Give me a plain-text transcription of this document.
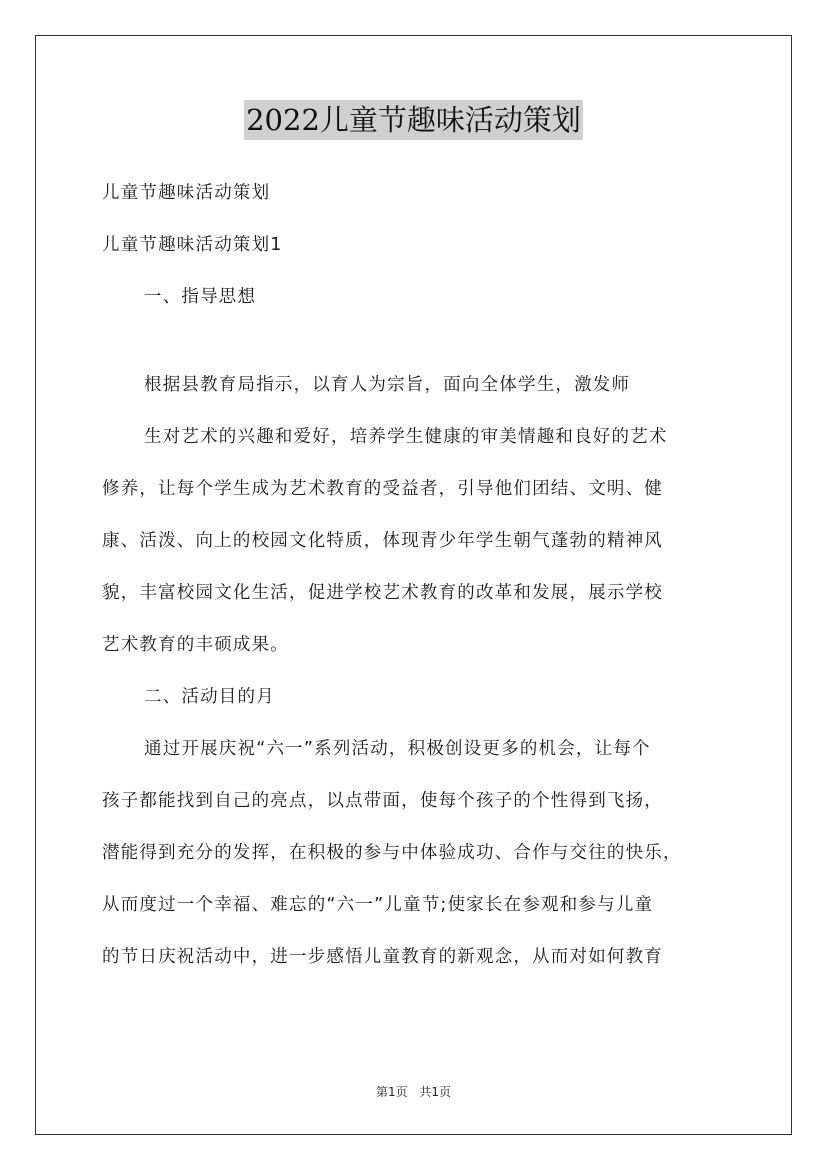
2022儿童节趣味活动策划

儿童节趣味活动策划

儿童节趣味活动策划1

一、指导思想

根据县教育局指示，以育人为宗旨，面向全体学生，激发师

生对艺术的兴趣和爱好，培养学生健康的审美情趣和良好的艺术

修养，让每个学生成为艺术教育的受益者，引导他们团结、文明、健

康、活泼、向上的校园文化特质，体现青少年学生朝气蓬勃的精神风

貌，丰富校园文化生活，促进学校艺术教育的改革和发展，展示学校

艺术教育的丰硕成果。

二、活动目的月

通过开展庆祝“六一”系列活动，积极创设更多的机会，让每个

孩子都能找到自己的亮点，以点带面，使每个孩子的个性得到飞扬，

潜能得到充分的发挥，在积极的参与中体验成功、合作与交往的快乐，

从而度过一个幸福、难忘的“六一”儿童节;使家长在参观和参与儿童

的节日庆祝活动中，进一步感悟儿童教育的新观念，从而对如何教育

第1页 共1页
